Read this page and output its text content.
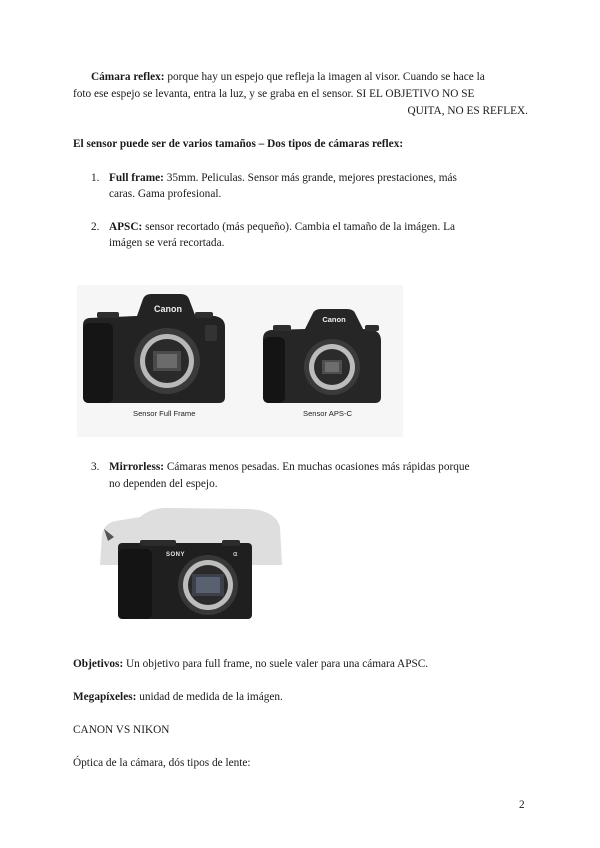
Cámara reflex: porque hay un espejo que refleja la imagen al visor. Cuando se hace la
foto ese espejo se levanta, entra la luz, y se graba en el sensor. SI EL OBJETIVO NO SE
QUITA, NO ES REFLEX.
El sensor puede ser de varios tamaños – Dos tipos de cámaras reflex:
1. Full frame: 35mm. Peliculas. Sensor más grande, mejores prestaciones, más
caras. Gama profesional.
2. APSC: sensor recortado (más pequeño). Cambia el tamaño de la imágen. La
imágen se verá recortada.
Canon
Canon
Sensor Full Frame	Sensor APS-C
3. Mirrorless: Cámaras menos pesadas. En muchas ocasiones más rápidas porque
no dependen del espejo.
SONY	α
Objetivos: Un objetivo para full frame, no suele valer para una cámara APSC.
Megapíxeles: unidad de medida de la imágen.
CANON VS NIKON
Óptica de la cámara, dós tipos de lente:
2
